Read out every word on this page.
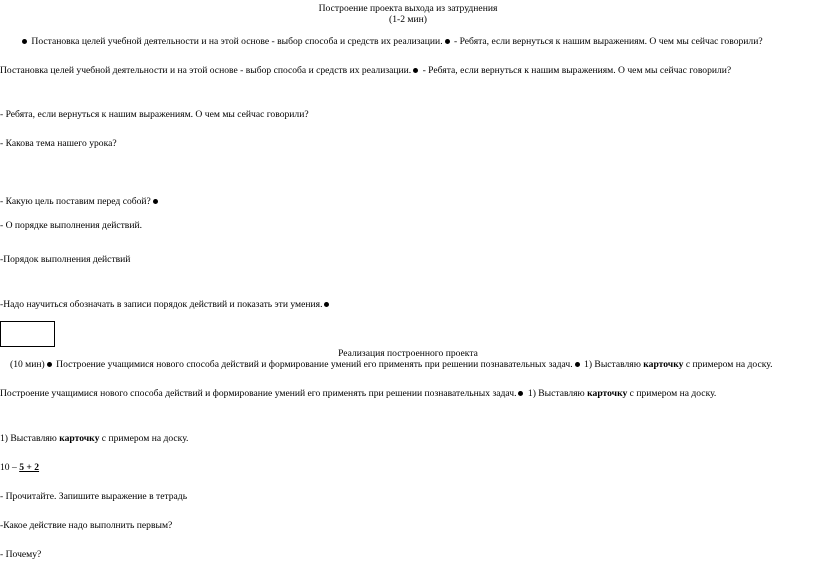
Построение проекта выхода из затруднения
(1-2 мин)
Постановка целей учебной деятельности и на этой основе - выбор способа и средств их реализации. - Ребята, если вернуться к нашим выражениям. О чем мы сейчас говорили?
Постановка целей учебной деятельности и на этой основе - выбор способа и средств их реализации. - Ребята, если вернуться к нашим выражениям. О чем мы сейчас говорили?
- Ребята, если вернуться к нашим выражениям. О чем мы сейчас говорили?
- Какова тема нашего урока?
- Какую цель поставим перед собой?
- О порядке выполнения действий.
-Порядок выполнения действий
-Надо научиться обозначать в записи порядок действий и показать эти умения.
Реализация построенного проекта
(10 мин) Построение учащимися нового способа действий и формирование умений его применять при решении познавательных задач. 1) Выставляю карточку с примером на доску.
Построение учащимися нового способа действий и формирование умений его применять при решении познавательных задач. 1) Выставляю карточку с примером на доску.
1) Выставляю карточку с примером на доску.
10 – 5 + 2
- Прочитайте. Запишите выражение в тетрадь
-Какое действие надо выполнить первым?
- Почему?
